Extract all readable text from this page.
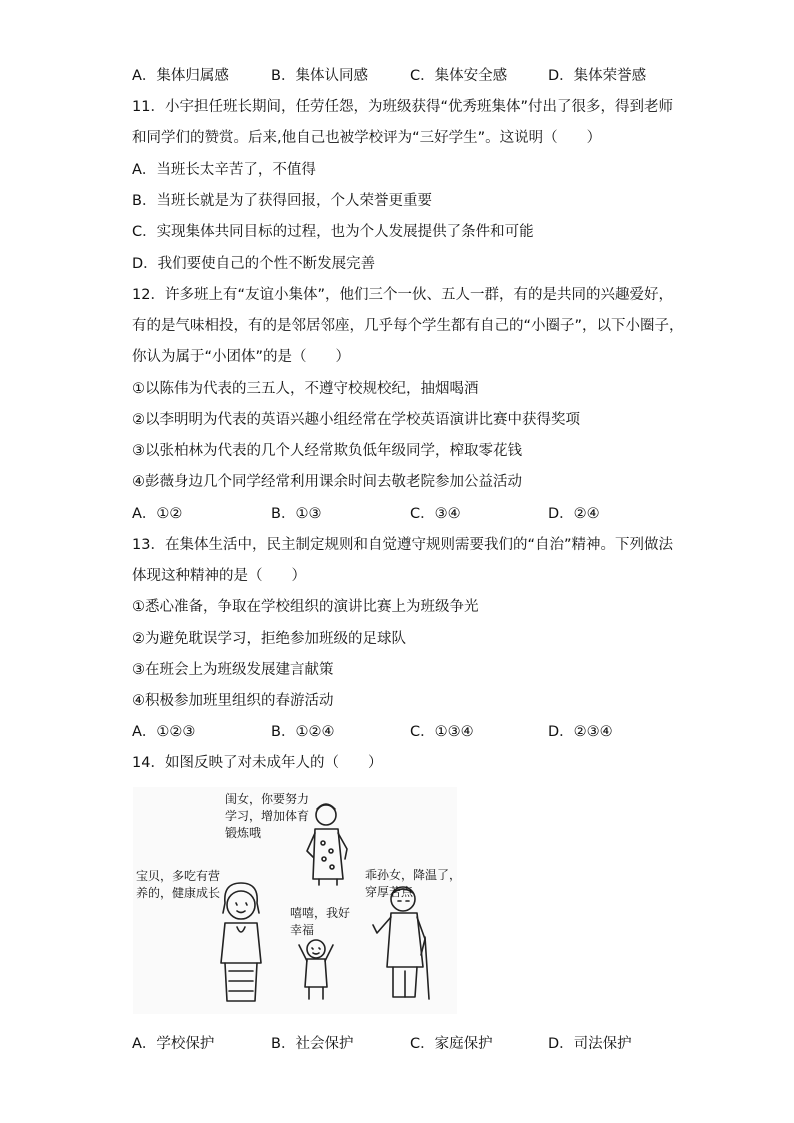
A．集体归属感	B．集体认同感	C．集体安全感	D．集体荣誉感
11．小宇担任班长期间，任劳任怨，为班级获得“优秀班集体”付出了很多，得到老师
和同学们的赞赏。后来,他自己也被学校评为“三好学生”。这说明（　　）
A．当班长太辛苦了，不值得
B．当班长就是为了获得回报，个人荣誉更重要
C．实现集体共同目标的过程，也为个人发展提供了条件和可能
D．我们要使自己的个性不断发展完善
12．许多班上有“友谊小集体”，他们三个一伙、五人一群，有的是共同的兴趣爱好，
有的是气味相投，有的是邻居邻座，几乎每个学生都有自己的“小圈子”，以下小圈子，
你认为属于“小团体”的是（　　）
①以陈伟为代表的三五人，不遵守校规校纪，抽烟喝酒
②以李明明为代表的英语兴趣小组经常在学校英语演讲比赛中获得奖项
③以张柏林为代表的几个人经常欺负低年级同学，榨取零花钱
④彭薇身边几个同学经常利用课余时间去敬老院参加公益活动
A．①②	B．①③	C．③④	D．②④
13．在集体生活中，民主制定规则和自觉遵守规则需要我们的“自治”精神。下列做法
体现这种精神的是（　　）
①悉心准备，争取在学校组织的演讲比赛上为班级争光
②为避免耽误学习，拒绝参加班级的足球队
③在班会上为班级发展建言献策
④积极参加班里组织的春游活动
A．①②③	B．①②④	C．①③④	D．②③④
14．如图反映了对未成年人的（　　）
闺女，你要努力
学习，增加体育
锻炼哦
宝贝，多吃有营
养的，健康成长
乖孙女，降温了，
穿厚若点
嘻嘻，我好
幸福
A．学校保护	B．社会保护	C．家庭保护	D．司法保护
